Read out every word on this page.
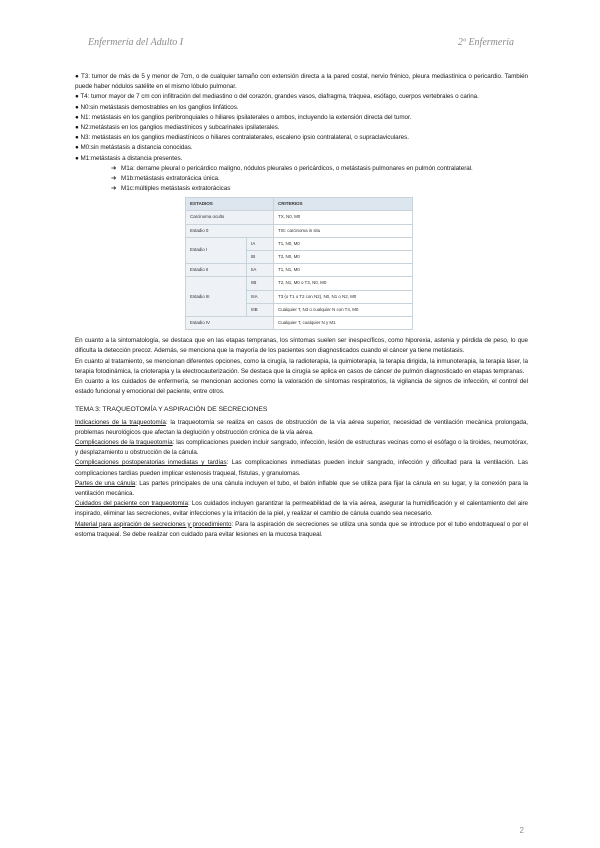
Enfermería del Adulto I	2º Enfermería

● T3: tumor de más de 5 y menor de 7cm, o de cualquier tamaño con extensión directa a la pared costal, nervio frénico, pleura mediastínica o pericardio. También puede haber nódulos satélite en el mismo lóbulo pulmonar.

● T4: tumor mayor de 7 cm con infiltración del mediastino o del corazón, grandes vasos, diafragma, tráquea, esófago, cuerpos vertebrales o carina.

● N0:sin metástasis demostrables en los ganglios linfáticos.

● N1: metástasis en los ganglios peribronquiales o hiliares ipsilaterales o ambos, incluyendo la extensión directa del tumor.

● N2:metástasis en los ganglios mediastínicos y subcarinales ipsilaterales.

● N3: metástasis en los ganglios mediastínicos o hiliares contralaterales, escaleno ipsio contralateral, o supraclaviculares.

● M0:sin metástasis a distancia conocidas.

● M1:metástasis a distancia presentes.

➔ M1a: derrame pleural o pericárdico maligno, nódulos pleurales o pericárdicos, o metástasis pulmonares en pulmón contralateral.

➔ M1b:metástasis extratorácica única.

➔ M1c:múltiples metástasis extratorácicas

ESTADIOS		CRITERIOS
Carcinoma oculto		TX, N0, M0
Estadio 0		TIS: carcinoma in situ
Estadio I	IA	T1, N0, M0
	IB	T2, N0, M0
Estadio II	IIA	T1, N1, M0
Estadio III	IIB	T2, N1, M0 o T3, N0, M0
	IIIA	T3 (o T1 o T2 con N2), N0, N1 o N2, M0
	IIIB	Cualquier T, N3 o cualquier N con T4, M0
Estadio IV		Cualquier T, cualquier N y M1

En cuanto a la sintomatología, se destaca que en las etapas tempranas, los síntomas suelen ser inespecíficos, como hiporexia, astenia y pérdida de peso, lo que dificulta la detección precoz. Además, se menciona que la mayoría de los pacientes son diagnosticados cuando el cáncer ya tiene metástasis.

En cuanto al tratamiento, se mencionan diferentes opciones, como la cirugía, la radioterapia, la quimioterapia, la terapia dirigida, la inmunoterapia, la terapia láser, la terapia fotodinámica, la crioterapia y la electrocauterización. Se destaca que la cirugía se aplica en casos de cáncer de pulmón diagnosticado en etapas tempranas.

En cuanto a los cuidados de enfermería, se mencionan acciones como la valoración de síntomas respiratorios, la vigilancia de signos de infección, el control del estado funcional y emocional del paciente, entre otros.

TEMA 3: TRAQUEOTOMÍA Y ASPIRACIÓN DE SECRECIONES

Indicaciones de la traqueotomía: la traqueotomía se realiza en casos de obstrucción de la vía aérea superior, necesidad de ventilación mecánica prolongada, problemas neurológicos que afectan la deglución y obstrucción crónica de la vía aérea.

Complicaciones de la traqueotomía: las complicaciones pueden incluir sangrado, infección, lesión de estructuras vecinas como el esófago o la tiroides, neumotórax, y desplazamiento u obstrucción de la cánula.

Complicaciones postoperatorias inmediatas y tardías: Las complicaciones inmediatas pueden incluir sangrado, infección y dificultad para la ventilación. Las complicaciones tardías pueden implicar estenosis traqueal, fístulas, y granulomas.

Partes de una cánula: Las partes principales de una cánula incluyen el tubo, el balón inflable que se utiliza para fijar la cánula en su lugar, y la conexión para la ventilación mecánica.

Cuidados del paciente con traqueotomía: Los cuidados incluyen garantizar la permeabilidad de la vía aérea, asegurar la humidificación y el calentamiento del aire inspirado, eliminar las secreciones, evitar infecciones y la irritación de la piel, y realizar el cambio de cánula cuando sea necesario.

Material para aspiración de secreciones y procedimiento: Para la aspiración de secreciones se utiliza una sonda que se introduce por el tubo endotraqueal o por el estoma traqueal. Se debe realizar con cuidado para evitar lesiones en la mucosa traqueal.

2
